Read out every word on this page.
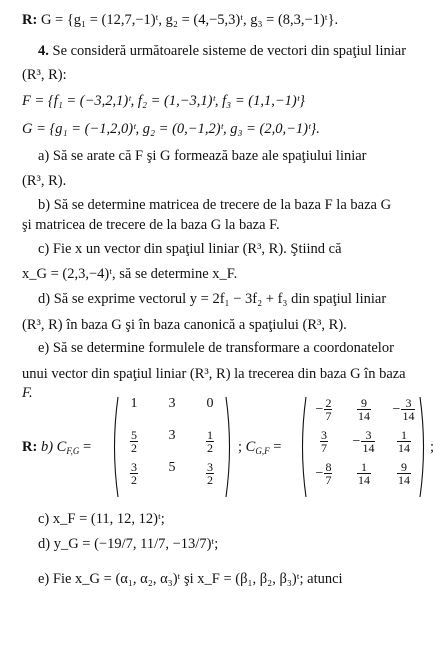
R: G = {g₁ = (12,7,−1)ᵗ, g₂ = (4,−5,3)ᵗ, g₃ = (8,3,−1)ᵗ}.
4. Se consideră următoarele sisteme de vectori din spaţiul liniar
(R³, R):
F = {f₁ = (−3,2,1)ᵗ, f₂ = (1,−3,1)ᵗ, f₃ = (1,1,−1)ᵗ}
G = {g₁ = (−1,2,0)ᵗ, g₂ = (0,−1,2)ᵗ, g₃ = (2,0,−1)ᵗ}.
a) Să se arate că F şi G formează baze ale spaţiului liniar
(R³, R).
b) Să se determine matricea de trecere de la baza F la baza G
şi matricea de trecere de la baza G la baza F.
c) Fie x un vector din spaţiul liniar (R³, R). Ştiind că
x_G = (2,3,−4)ᵗ, să se determine x_F.
d) Să se exprime vectorul y = 2f₁ − 3f₂ + f₃ din spaţiul liniar
(R³, R) în baza G şi în baza canonică a spaţiului (R³, R).
e) Să se determine formulele de transformare a coordonatelor
unui vector din spaţiul liniar (R³, R) la trecerea din baza G în baza
F.
R: b) $C_{F,G}$ =
1	3	0
$\frac{5}{2}$	3	$\frac{1}{2}$
$\frac{3}{2}$	5	$\frac{3}{2}$
; $C_{G,F}$ =
− $\frac{2}{7} \frac{9}{14} - \frac{3}{14}$
$\frac{3}{7} - \frac{3}{14} \frac{1}{14}$
− $\frac{8}{7} \frac{1}{14} \frac{9}{14}$
;
c) x_F = (11, 12, 12)ᵗ;
d) y_G = (−19/7, 11/7, −13/7)ᵗ;
e) Fie x_G = (α₁, α₂, α₃)ᵗ şi x_F = (β₁, β₂, β₃)ᵗ; atunci
